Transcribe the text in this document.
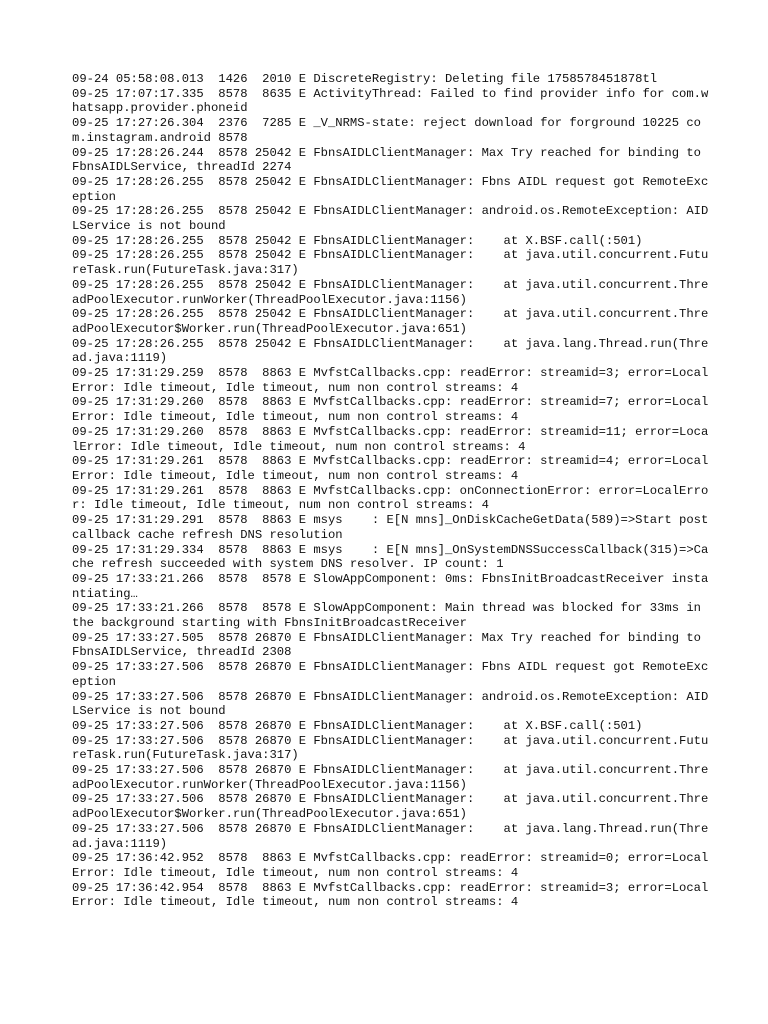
09-24 05:58:08.013  1426  2010 E DiscreteRegistry: Deleting file 1758578451878tl
09-25 17:07:17.335  8578  8635 E ActivityThread: Failed to find provider info for com.whatsapp.provider.phoneid
09-25 17:27:26.304  2376  7285 E _V_NRMS-state: reject download for forground 10225 com.instagram.android 8578
09-25 17:28:26.244  8578 25042 E FbnsAIDLClientManager: Max Try reached for binding to FbnsAIDLService, threadId 2274
09-25 17:28:26.255  8578 25042 E FbnsAIDLClientManager: Fbns AIDL request got RemoteException
09-25 17:28:26.255  8578 25042 E FbnsAIDLClientManager: android.os.RemoteException: AIDLService is not bound
09-25 17:28:26.255  8578 25042 E FbnsAIDLClientManager:    at X.BSF.call(:501)
09-25 17:28:26.255  8578 25042 E FbnsAIDLClientManager:    at java.util.concurrent.FutureTask.run(FutureTask.java:317)
09-25 17:28:26.255  8578 25042 E FbnsAIDLClientManager:    at java.util.concurrent.ThreadPoolExecutor.runWorker(ThreadPoolExecutor.java:1156)
09-25 17:28:26.255  8578 25042 E FbnsAIDLClientManager:    at java.util.concurrent.ThreadPoolExecutor$Worker.run(ThreadPoolExecutor.java:651)
09-25 17:28:26.255  8578 25042 E FbnsAIDLClientManager:    at java.lang.Thread.run(Thread.java:1119)
09-25 17:31:29.259  8578  8863 E MvfstCallbacks.cpp: readError: streamid=3; error=LocalError: Idle timeout, Idle timeout, num non control streams: 4
09-25 17:31:29.260  8578  8863 E MvfstCallbacks.cpp: readError: streamid=7; error=LocalError: Idle timeout, Idle timeout, num non control streams: 4
09-25 17:31:29.260  8578  8863 E MvfstCallbacks.cpp: readError: streamid=11; error=LocalError: Idle timeout, Idle timeout, num non control streams: 4
09-25 17:31:29.261  8578  8863 E MvfstCallbacks.cpp: readError: streamid=4; error=LocalError: Idle timeout, Idle timeout, num non control streams: 4
09-25 17:31:29.261  8578  8863 E MvfstCallbacks.cpp: onConnectionError: error=LocalError: Idle timeout, Idle timeout, num non control streams: 4
09-25 17:31:29.291  8578  8863 E msys    : E[N mns]_OnDiskCacheGetData(589)=>Start post callback cache refresh DNS resolution
09-25 17:31:29.334  8578  8863 E msys    : E[N mns]_OnSystemDNSSuccessCallback(315)=>Cache refresh succeeded with system DNS resolver. IP count: 1
09-25 17:33:21.266  8578  8578 E SlowAppComponent: 0ms: FbnsInitBroadcastReceiver instantiating…
09-25 17:33:21.266  8578  8578 E SlowAppComponent: Main thread was blocked for 33ms in the background starting with FbnsInitBroadcastReceiver
09-25 17:33:27.505  8578 26870 E FbnsAIDLClientManager: Max Try reached for binding to FbnsAIDLService, threadId 2308
09-25 17:33:27.506  8578 26870 E FbnsAIDLClientManager: Fbns AIDL request got RemoteException
09-25 17:33:27.506  8578 26870 E FbnsAIDLClientManager: android.os.RemoteException: AIDLService is not bound
09-25 17:33:27.506  8578 26870 E FbnsAIDLClientManager:    at X.BSF.call(:501)
09-25 17:33:27.506  8578 26870 E FbnsAIDLClientManager:    at java.util.concurrent.FutureTask.run(FutureTask.java:317)
09-25 17:33:27.506  8578 26870 E FbnsAIDLClientManager:    at java.util.concurrent.ThreadPoolExecutor.runWorker(ThreadPoolExecutor.java:1156)
09-25 17:33:27.506  8578 26870 E FbnsAIDLClientManager:    at java.util.concurrent.ThreadPoolExecutor$Worker.run(ThreadPoolExecutor.java:651)
09-25 17:33:27.506  8578 26870 E FbnsAIDLClientManager:    at java.lang.Thread.run(Thread.java:1119)
09-25 17:36:42.952  8578  8863 E MvfstCallbacks.cpp: readError: streamid=0; error=LocalError: Idle timeout, Idle timeout, num non control streams: 4
09-25 17:36:42.954  8578  8863 E MvfstCallbacks.cpp: readError: streamid=3; error=LocalError: Idle timeout, Idle timeout, num non control streams: 4
